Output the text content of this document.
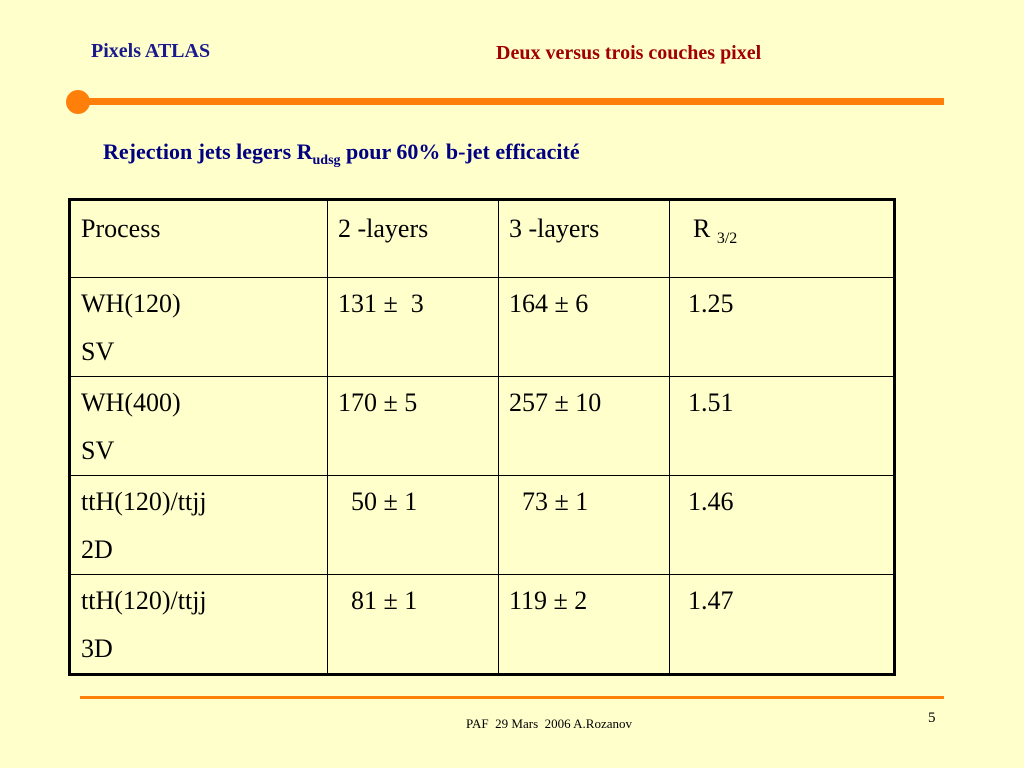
Pixels ATLAS	Deux versus trois couches pixel
Rejection jets legers $R_{udsg}$ pour 60% b-jet efficacité
Process	2 -layers	3 -layers	R $_{3/2}$

WH(120)
SV	131 ±  3	164 ± 6	1.25

WH(400)
SV	170 ± 5	257 ± 10	1.51

ttH(120)/ttjj
2D	50 ± 1	73 ± 1	1.46

ttH(120)/ttjj
3D	81 ± 1	119 ± 2	1.47
PAF  29 Mars  2006 A.Rozanov	5
